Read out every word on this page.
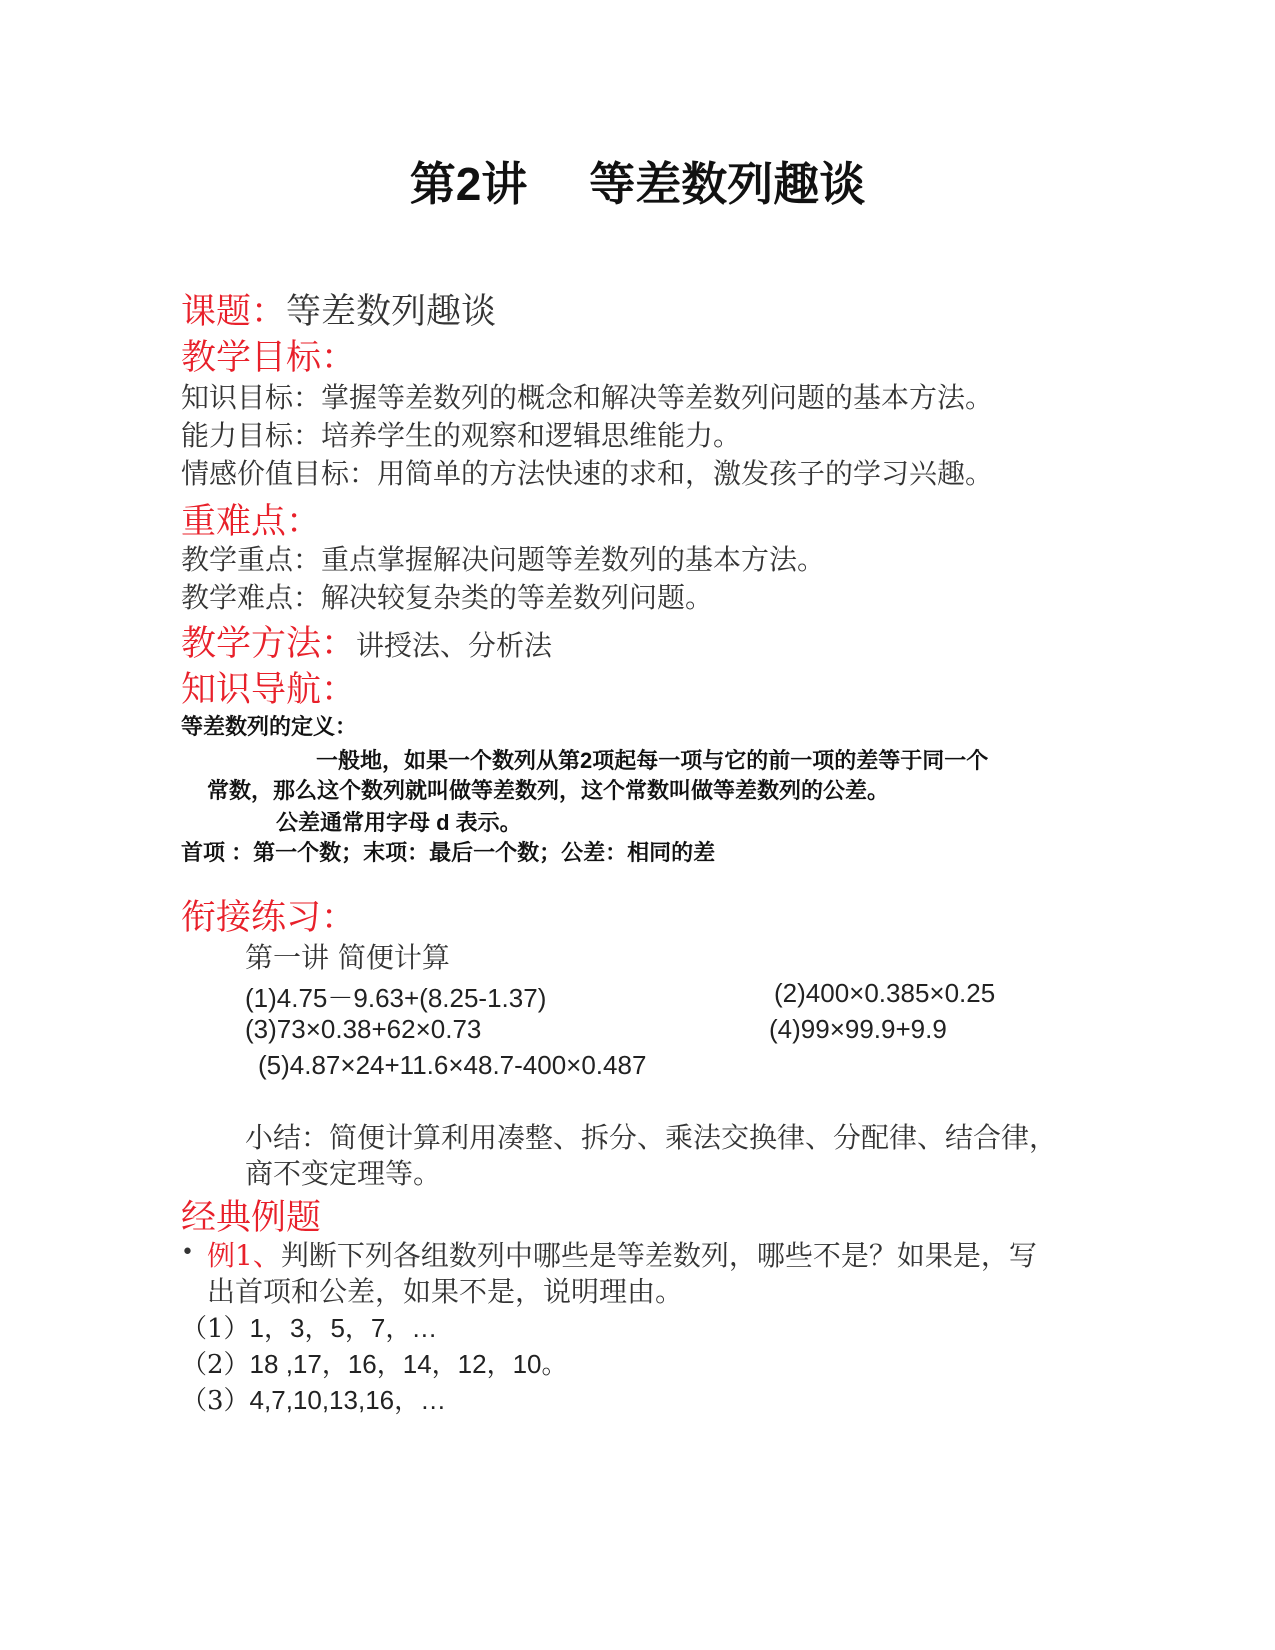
第2讲 等差数列趣谈
课题：等差数列趣谈
教学目标：
知识目标：掌握等差数列的概念和解决等差数列问题的基本方法。
能力目标：培养学生的观察和逻辑思维能力。
情感价值目标：用简单的方法快速的求和，激发孩子的学习兴趣。
重难点：
教学重点：重点掌握解决问题等差数列的基本方法。
教学难点：解决较复杂类的等差数列问题。
教学方法：讲授法、分析法
知识导航：
等差数列的定义：
一般地，如果一个数列从第2项起每一项与它的前一项的差等于同一个
常数，那么这个数列就叫做等差数列，这个常数叫做等差数列的公差。
公差通常用字母 d 表示。
首项 ：第一个数；末项：最后一个数；公差：相同的差
衔接练习：
第一讲 简便计算
(1)4.75－9.63+(8.25-1.37)	(2)400×0.385×0.25
(3)73×0.38+62×0.73	(4)99×99.9+9.9
(5)4.87×24+11.6×48.7-400×0.487
小结：简便计算利用凑整、拆分、乘法交换律、分配律、结合律，
商不变定理等。
经典例题
• 例1、判断下列各组数列中哪些是等差数列，哪些不是？如果是，写
出首项和公差，如果不是，说明理由。
（1）1，3，5，7，…
（2）18 ,17，16，14，12，10。
（3）4,7,10,13,16，…
